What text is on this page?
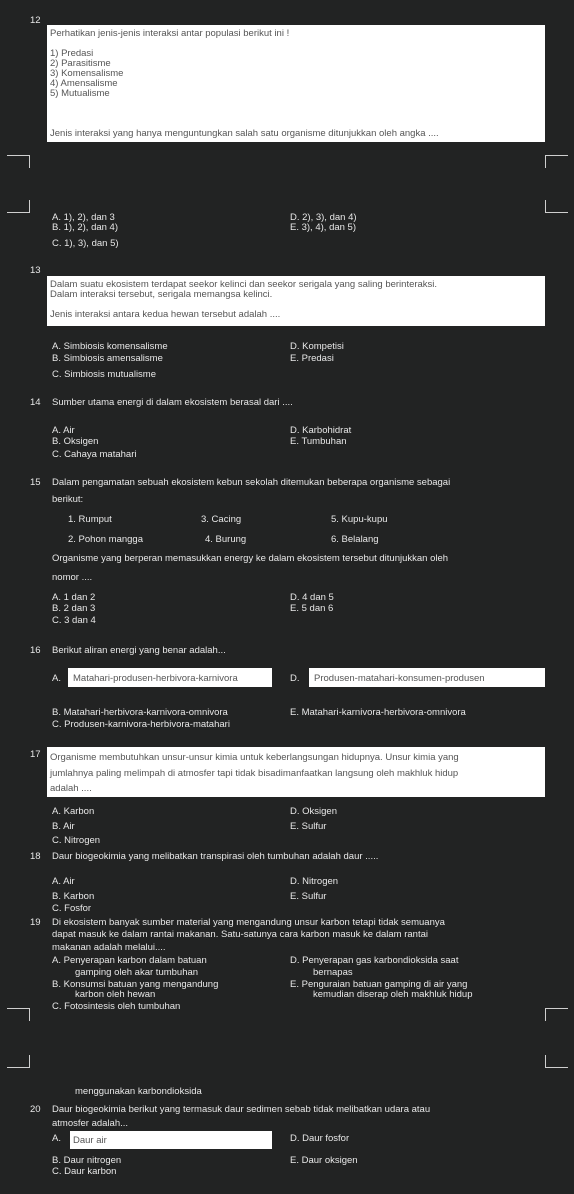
12
Perhatikan jenis-jenis interaksi antar populasi berikut ini !
1) Predasi
2) Parasitisme
3) Komensalisme
4) Amensalisme
5) Mutualisme
Jenis interaksi yang hanya menguntungkan salah satu organisme ditunjukkan oleh angka ....
A. 1), 2), dan 3
B. 1), 2), dan 4)
C. 1), 3), dan 5)
D. 2), 3), dan 4)
E. 3), 4), dan 5)
13
Dalam suatu ekosistem terdapat seekor kelinci dan seekor serigala yang saling berinteraksi.
Dalam interaksi tersebut, serigala memangsa kelinci.
Jenis interaksi antara kedua hewan tersebut adalah ....
A. Simbiosis komensalisme
B. Simbiosis amensalisme
C. Simbiosis mutualisme
D. Kompetisi
E. Predasi
14 Sumber utama energi di dalam ekosistem berasal dari ....
A. Air
B. Oksigen
C. Cahaya matahari
D. Karbohidrat
E. Tumbuhan
15 Dalam pengamatan sebuah ekosistem kebun sekolah ditemukan beberapa organisme sebagai
berikut:
1. Rumput
2. Pohon mangga
3. Cacing
4. Burung
5. Kupu-kupu
6. Belalang
Organisme yang berperan memasukkan energy ke dalam ekosistem tersebut ditunjukkan oleh
nomor ....
A. 1 dan 2
B. 2 dan 3
C. 3 dan 4
D. 4 dan 5
E. 5 dan 6
16 Berikut aliran energi yang benar adalah...
A. Matahari-produsen-herbivora-karnivora	D. Produsen-matahari-konsumen-produsen
B. Matahari-herbivora-karnivora-omnivora
C. Produsen-karnivora-herbivora-matahari
E. Matahari-karnivora-herbivora-omnivora
17 Organisme membutuhkan unsur-unsur kimia untuk keberlangsungan hidupnya. Unsur kimia yang
jumlahnya paling melimpah di atmosfer tapi tidak bisadimanfaatkan langsung oleh makhluk hidup
adalah ....
A. Karbon
B. Air
C. Nitrogen
D. Oksigen
E. Sulfur
18 Daur biogeokimia yang melibatkan transpirasi oleh tumbuhan adalah daur .....
A. Air
B. Karbon
C. Fosfor
D. Nitrogen
E. Sulfur
19 Di ekosistem banyak sumber material yang mengandung unsur karbon tetapi tidak semuanya
dapat masuk ke dalam rantai makanan. Satu-satunya cara karbon masuk ke dalam rantai
makanan adalah melalui....
A. Penyerapan karbon dalam batuan
gamping oleh akar tumbuhan
B. Konsumsi batuan yang mengandung
karbon oleh hewan
C. Fotosintesis oleh tumbuhan
D. Penyerapan gas karbondioksida saat
bernapas
E. Penguraian batuan gamping di air yang
kemudian diserap oleh makhluk hidup
menggunakan karbondioksida
20 Daur biogeokimia berikut yang termasuk daur sedimen sebab tidak melibatkan udara atau
atmosfer adalah...
A. Daur air
B. Daur nitrogen
C. Daur karbon
D. Daur fosfor
E. Daur oksigen
